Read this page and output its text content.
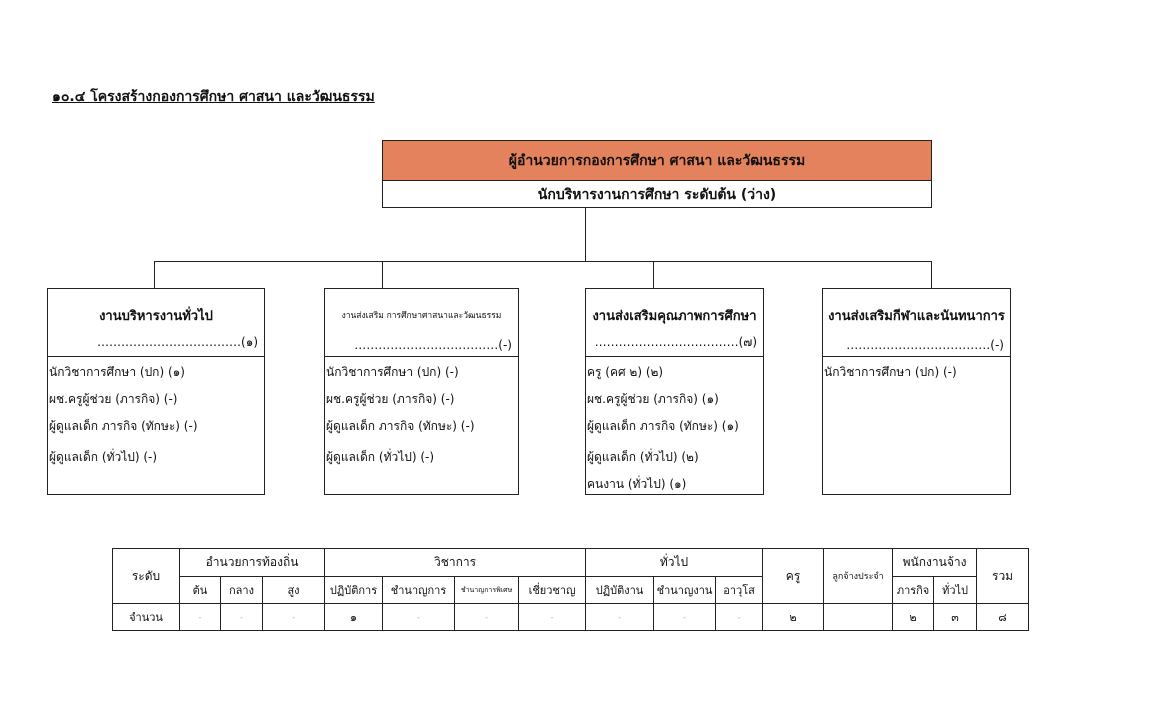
๑๐.๔ โครงสร้างกองการศึกษา ศาสนา และวัฒนธรรม
ผู้อำนวยการกองการศึกษา ศาสนา และวัฒนธรรม
นักบริหารงานการศึกษา ระดับต้น (ว่าง)
งานบริหารงานทั่วไป
………………………………(๑)
นักวิชาการศึกษา (ปก) (๑)
ผช.ครูผู้ช่วย (ภารกิจ) (-)
ผู้ดูแลเด็ก ภารกิจ (ทักษะ) (-)
ผู้ดูแลเด็ก (ทั่วไป) (-)
งานส่งเสริม การศึกษาศาสนาและวัฒนธรรม
………………………………(-)
นักวิชาการศึกษา (ปก) (-)
ผช.ครูผู้ช่วย (ภารกิจ) (-)
ผู้ดูแลเด็ก ภารกิจ (ทักษะ) (-)
ผู้ดูแลเด็ก (ทั่วไป) (-)
งานส่งเสริมคุณภาพการศึกษา
………………………………(๗)
ครู (คศ ๒) (๒)
ผช.ครูผู้ช่วย (ภารกิจ) (๑)
ผู้ดูแลเด็ก ภารกิจ (ทักษะ) (๑)
ผู้ดูแลเด็ก (ทั่วไป) (๒)
คนงาน (ทั่วไป) (๑)
งานส่งเสริมกีฬาและนันทนาการ
………………………………(-)
นักวิชาการศึกษา (ปก) (-)
ระดับ	อำนวยการท้องถิ่น			วิชาการ				ทั่วไป			ครู	ลูกจ้างประจำ	พนักงานจ้าง		รวม
	ต้น	กลาง	สูง	ปฏิบัติการ	ชำนาญการ	ชำนาญการพิเศษ	เชี่ยวชาญ	ปฏิบัติงาน	ชำนาญงาน	อาวุโส			ภารกิจ	ทั่วไป	
จำนวน	-	-	-	๑	-	-	-	-	-	-	๒		๒	๓	๘
